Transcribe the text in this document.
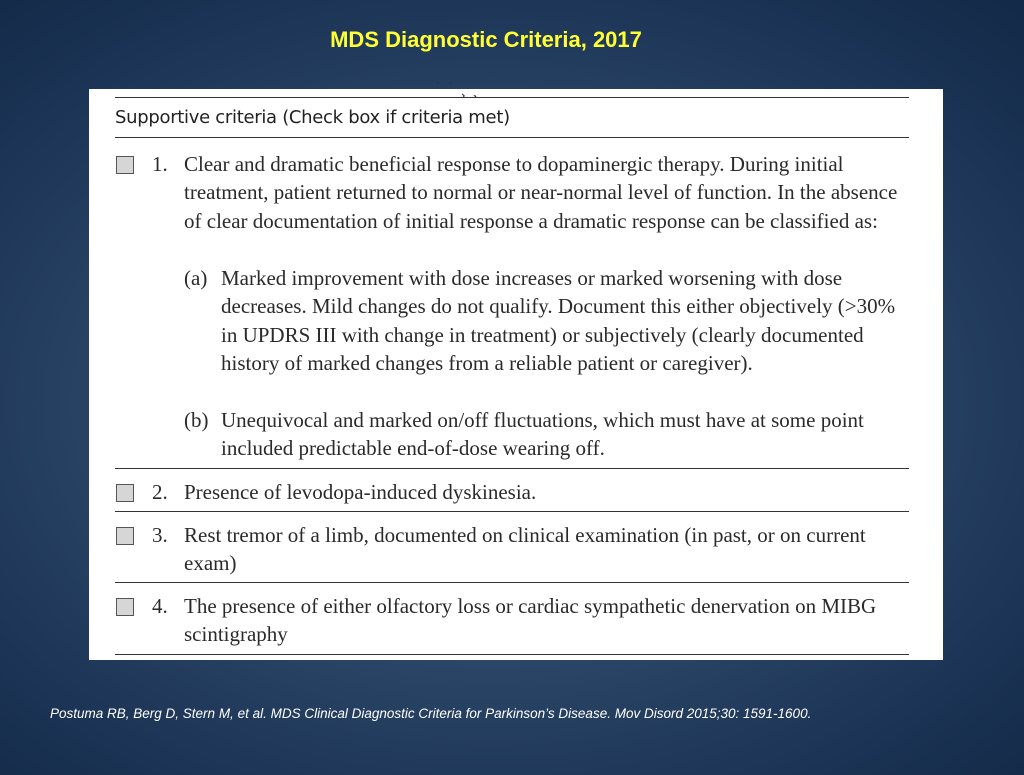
MDS Diagnostic Criteria, 2017
˙ ˙ ¸ ˏ
Supportive criteria (Check box if criteria met)
1. Clear and dramatic beneficial response to dopaminergic therapy. During initial treatment, patient returned to normal or near-normal level of function. In the absence of clear documentation of initial response a dramatic response can be classified as:
(a) Marked improvement with dose increases or marked worsening with dose decreases. Mild changes do not qualify. Document this either objectively (>30% in UPDRS III with change in treatment) or subjectively (clearly documented history of marked changes from a reliable patient or caregiver).
(b) Unequivocal and marked on/off fluctuations, which must have at some point included predictable end-of-dose wearing off.
2. Presence of levodopa-induced dyskinesia.
3. Rest tremor of a limb, documented on clinical examination (in past, or on current exam)
4. The presence of either olfactory loss or cardiac sympathetic denervation on MIBG scintigraphy
Postuma RB, Berg D, Stern M, et al. MDS Clinical Diagnostic Criteria for Parkinson’s Disease. Mov Disord 2015;30: 1591-1600.
